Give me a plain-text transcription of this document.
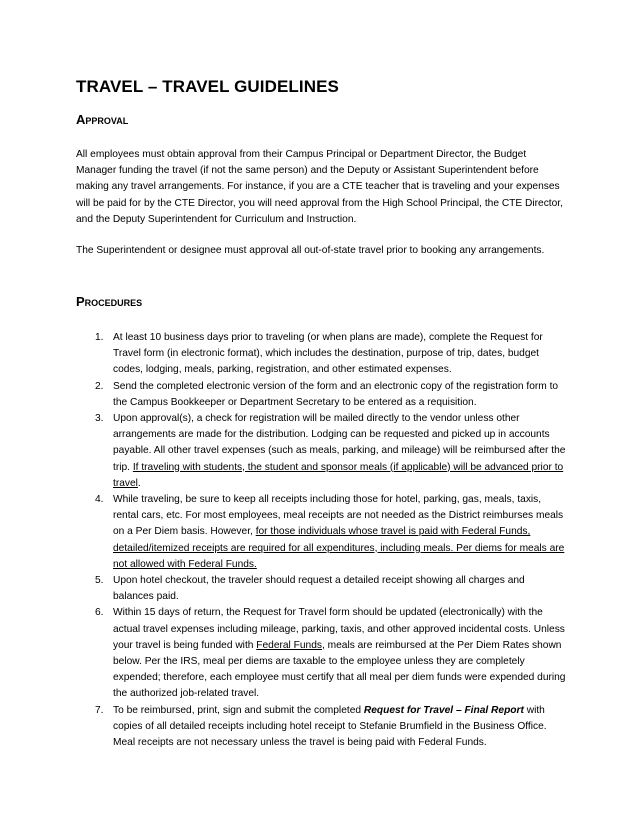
TRAVEL – TRAVEL GUIDELINES
Approval

All employees must obtain approval from their Campus Principal or Department Director, the Budget Manager funding the travel (if not the same person) and the Deputy or Assistant Superintendent before making any travel arrangements. For instance, if you are a CTE teacher that is traveling and your expenses will be paid for by the CTE Director, you will need approval from the High School Principal, the CTE Director, and the Deputy Superintendent for Curriculum and Instruction.

The Superintendent or designee must approval all out-of-state travel prior to booking any arrangements.

Procedures
1. At least 10 business days prior to traveling (or when plans are made), complete the Request for Travel form (in electronic format), which includes the destination, purpose of trip, dates, budget codes, lodging, meals, parking, registration, and other estimated expenses.
2. Send the completed electronic version of the form and an electronic copy of the registration form to the Campus Bookkeeper or Department Secretary to be entered as a requisition.
3. Upon approval(s), a check for registration will be mailed directly to the vendor unless other arrangements are made for the distribution. Lodging can be requested and picked up in accounts payable. All other travel expenses (such as meals, parking, and mileage) will be reimbursed after the trip. If traveling with students, the student and sponsor meals (if applicable) will be advanced prior to travel.
4. While traveling, be sure to keep all receipts including those for hotel, parking, gas, meals, taxis, rental cars, etc. For most employees, meal receipts are not needed as the District reimburses meals on a Per Diem basis. However, for those individuals whose travel is paid with Federal Funds, detailed/itemized receipts are required for all expenditures, including meals. Per diems for meals are not allowed with Federal Funds.
5. Upon hotel checkout, the traveler should request a detailed receipt showing all charges and balances paid.
6. Within 15 days of return, the Request for Travel form should be updated (electronically) with the actual travel expenses including mileage, parking, taxis, and other approved incidental costs. Unless your travel is being funded with Federal Funds, meals are reimbursed at the Per Diem Rates shown below. Per the IRS, meal per diems are taxable to the employee unless they are completely expended; therefore, each employee must certify that all meal per diem funds were expended during the authorized job-related travel.
7. To be reimbursed, print, sign and submit the completed Request for Travel – Final Report with copies of all detailed receipts including hotel receipt to Stefanie Brumfield in the Business Office. Meal receipts are not necessary unless the travel is being paid with Federal Funds.
